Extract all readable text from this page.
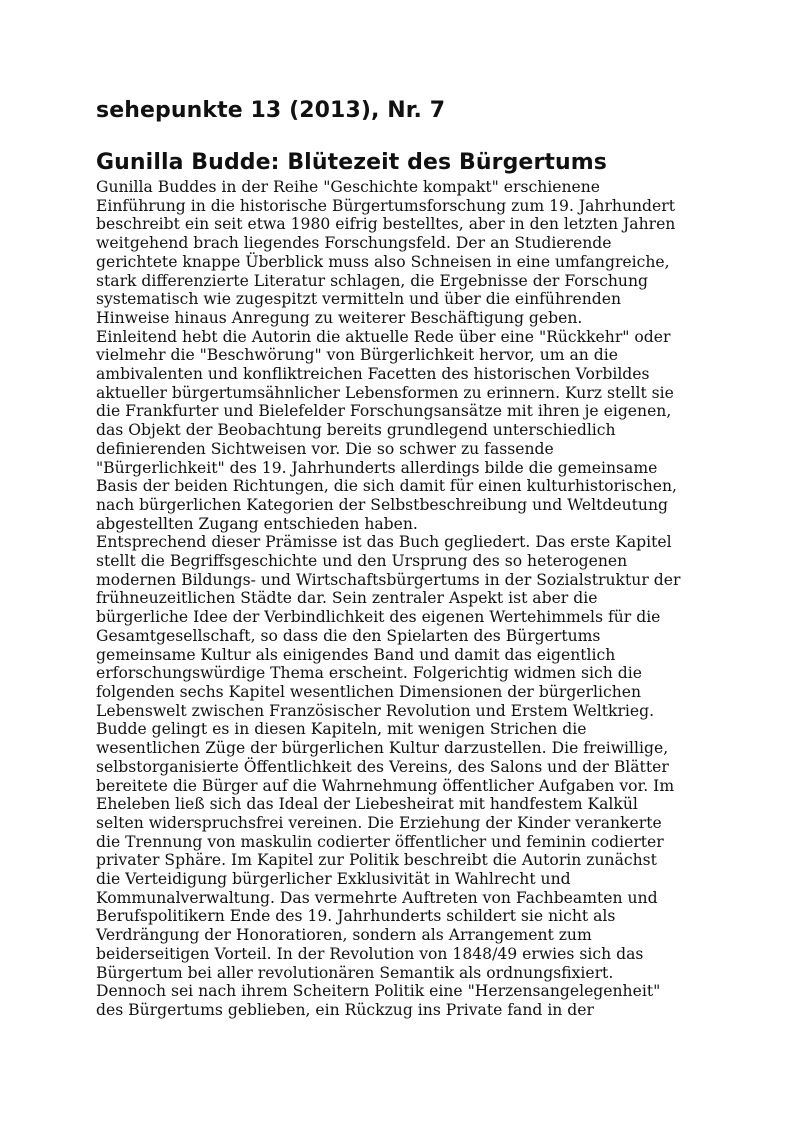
sehepunkte 13 (2013), Nr. 7
Gunilla Budde: Blütezeit des Bürgertums
Gunilla Buddes in der Reihe "Geschichte kompakt" erschienene
Einführung in die historische Bürgertumsforschung zum 19. Jahrhundert
beschreibt ein seit etwa 1980 eifrig bestelltes, aber in den letzten Jahren
weitgehend brach liegendes Forschungsfeld. Der an Studierende
gerichtete knappe Überblick muss also Schneisen in eine umfangreiche,
stark differenzierte Literatur schlagen, die Ergebnisse der Forschung
systematisch wie zugespitzt vermitteln und über die einführenden
Hinweise hinaus Anregung zu weiterer Beschäftigung geben.
Einleitend hebt die Autorin die aktuelle Rede über eine "Rückkehr" oder
vielmehr die "Beschwörung" von Bürgerlichkeit hervor, um an die
ambivalenten und konfliktreichen Facetten des historischen Vorbildes
aktueller bürgertumsähnlicher Lebensformen zu erinnern. Kurz stellt sie
die Frankfurter und Bielefelder Forschungsansätze mit ihren je eigenen,
das Objekt der Beobachtung bereits grundlegend unterschiedlich
definierenden Sichtweisen vor. Die so schwer zu fassende
"Bürgerlichkeit" des 19. Jahrhunderts allerdings bilde die gemeinsame
Basis der beiden Richtungen, die sich damit für einen kulturhistorischen,
nach bürgerlichen Kategorien der Selbstbeschreibung und Weltdeutung
abgestellten Zugang entschieden haben.
Entsprechend dieser Prämisse ist das Buch gegliedert. Das erste Kapitel
stellt die Begriffsgeschichte und den Ursprung des so heterogenen
modernen Bildungs- und Wirtschaftsbürgertums in der Sozialstruktur der
frühneuzeitlichen Städte dar. Sein zentraler Aspekt ist aber die
bürgerliche Idee der Verbindlichkeit des eigenen Wertehimmels für die
Gesamtgesellschaft, so dass die den Spielarten des Bürgertums
gemeinsame Kultur als einigendes Band und damit das eigentlich
erforschungswürdige Thema erscheint. Folgerichtig widmen sich die
folgenden sechs Kapitel wesentlichen Dimensionen der bürgerlichen
Lebenswelt zwischen Französischer Revolution und Erstem Weltkrieg.
Budde gelingt es in diesen Kapiteln, mit wenigen Strichen die
wesentlichen Züge der bürgerlichen Kultur darzustellen. Die freiwillige,
selbstorganisierte Öffentlichkeit des Vereins, des Salons und der Blätter
bereitete die Bürger auf die Wahrnehmung öffentlicher Aufgaben vor. Im
Eheleben ließ sich das Ideal der Liebesheirat mit handfestem Kalkül
selten widerspruchsfrei vereinen. Die Erziehung der Kinder verankerte
die Trennung von maskulin codierter öffentlicher und feminin codierter
privater Sphäre. Im Kapitel zur Politik beschreibt die Autorin zunächst
die Verteidigung bürgerlicher Exklusivität in Wahlrecht und
Kommunalverwaltung. Das vermehrte Auftreten von Fachbeamten und
Berufspolitikern Ende des 19. Jahrhunderts schildert sie nicht als
Verdrängung der Honoratioren, sondern als Arrangement zum
beiderseitigen Vorteil. In der Revolution von 1848/49 erwies sich das
Bürgertum bei aller revolutionären Semantik als ordnungsfixiert.
Dennoch sei nach ihrem Scheitern Politik eine "Herzensangelegenheit"
des Bürgertums geblieben, ein Rückzug ins Private fand in der
